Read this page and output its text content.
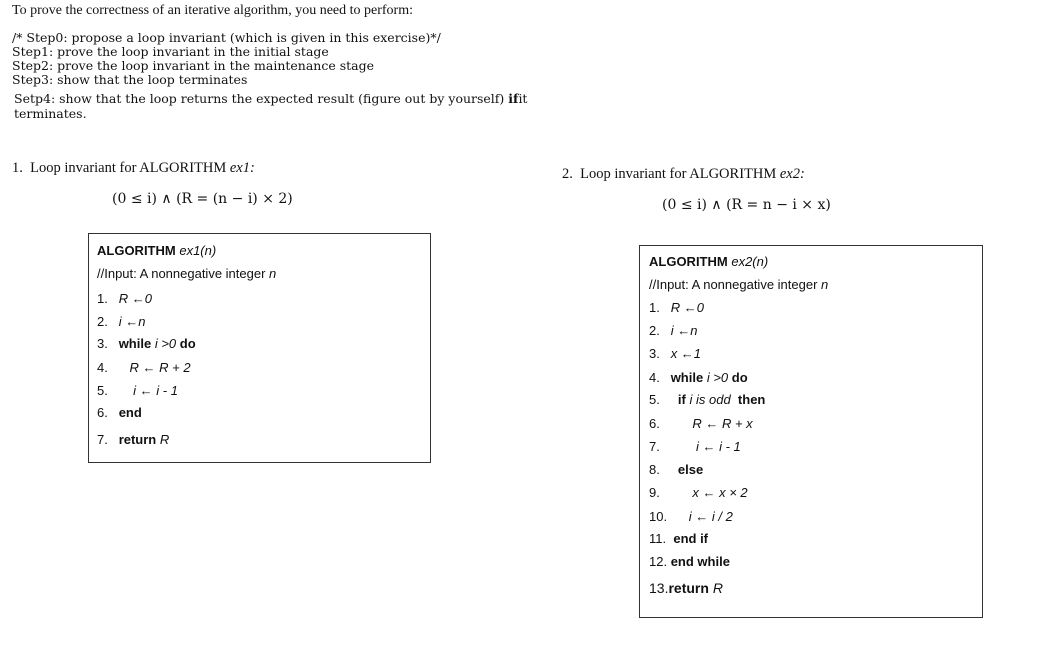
To prove the correctness of an iterative algorithm, you need to perform:
/* Step0: propose a loop invariant (which is given in this exercise)*/
Step1: prove the loop invariant in the initial stage
Step2: prove the loop invariant in the maintenance stage
Step3: show that the loop terminates
Setp4: show that the loop returns the expected result (figure out by yourself) ifit
terminates.
1. Loop invariant for ALGORITHM ex1:
(0 ≤ i) ∧ (R = (n − i) × 2)
2. Loop invariant for ALGORITHM ex2:
(0 ≤ i) ∧ (R = n − i × x)
ALGORITHM ex1(n)
//Input: A nonnegative integer n
1. R ←0
2. i ←n
3. while i >0 do
4. R ← R + 2
5. i ← i - 1
6. end
7. return R
ALGORITHM ex2(n)
//Input: A nonnegative integer n
1. R ←0
2. i ←n
3. x ←1
4. while i >0 do
5. if i is odd then
6.	R ← R + x
7.	i ← i - 1
8. else
9.	x ← x × 2
10. i ← i / 2
11. end if
12. end while
13.return R
